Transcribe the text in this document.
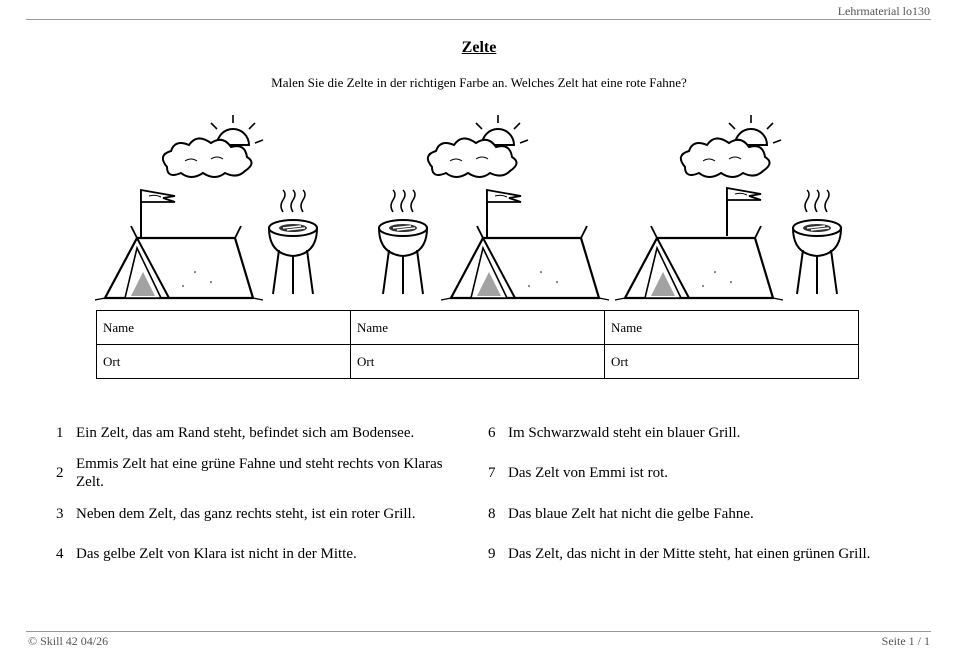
Lehrmaterial lo130
Zelte
Malen Sie die Zelte in der richtigen Farbe an. Welches Zelt hat eine rote Fahne?
Name	Name	Name
Ort	Ort	Ort
1 Ein Zelt, das am Rand steht, befindet sich am Bodensee.
2
Emmis Zelt hat eine grüne Fahne und steht rechts von Klaras Zelt.
3 Neben dem Zelt, das ganz rechts steht, ist ein roter Grill.
4 Das gelbe Zelt von Klara ist nicht in der Mitte.
6 Im Schwarzwald steht ein blauer Grill.
7 Das Zelt von Emmi ist rot.
8 Das blaue Zelt hat nicht die gelbe Fahne.
9 Das Zelt, das nicht in der Mitte steht, hat einen grünen Grill.
© Skill 42 04/26	Seite 1 / 1
